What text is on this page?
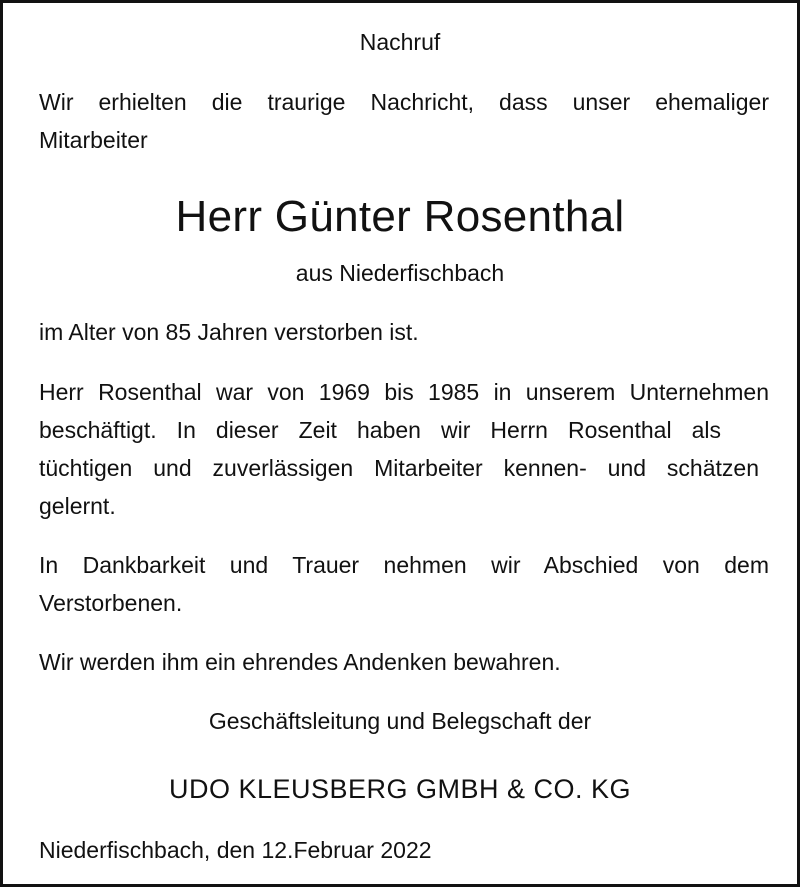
Nachruf

Wir erhielten die traurige Nachricht, dass unser ehemaliger

Mitarbeiter

Herr Günter Rosenthal
aus Niederfischbach

im Alter von 85 Jahren verstorben ist.

Herr Rosenthal war von 1969 bis 1985 in unserem Unternehmen

beschäftigt. In dieser Zeit haben wir Herrn Rosenthal als

tüchtigen und zuverlässigen Mitarbeiter kennen- und schätzen

gelernt.

In Dankbarkeit und Trauer nehmen wir Abschied von dem

Verstorbenen.

Wir werden ihm ein ehrendes Andenken bewahren.

Geschäftsleitung und Belegschaft der
UDO KLEUSBERG GMBH & CO. KG
Niederfischbach, den 12.Februar 2022
